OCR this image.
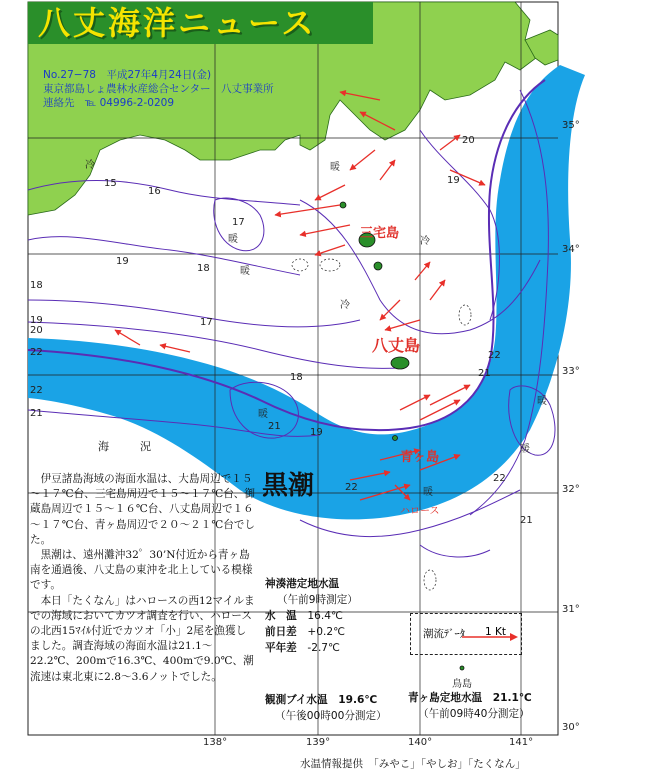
八丈海洋ニュース
No.27−78　平成27年4月24日(金)
東京都島しょ農林水産総合センター　八丈事業所
連絡先　℡ 04996-2-0209
三宅島
八丈島
青ヶ島
ハロース
鳥島
冷
冷
冷
暖
暖
暖
暖
暖
暖
暖
15
16
17
17
18
18
19
19
20
21
22
22
20
19
22
21
22
22
21
19
21
18
138°	139°	140°	141°
35°
34°
33°
32°
31°
30°
黒潮
海　況

伊豆諸島海域の海面水温は、大島周辺で１５～１７℃台、三宅島周辺で１５～１７℃台、御蔵島周辺で１５～１６℃台、八丈島周辺で１６～１７℃台、青ヶ島周辺で２０～２１℃台でした。

黒潮は、遠州灘沖32゜30’N付近から青ヶ島南を通過後、八丈島の東沖を北上している模様です。

本日「たくなん」はハロースの西12マイルまでの海域においてカツオ調査を行い、ハロースの北西15ﾏｲﾙ付近でカツオ「小」2尾を漁獲しました。調査海域の海面水温は21.1～22.2℃、200mで16.3℃、400mで9.0℃、潮流速は東北東に2.8～3.6ノットでした。

神湊港定地水温
（午前9時測定）
水　温　 16.4℃
前日差　 +0.2℃
平年差　 -2.7℃
観測ブイ水温　19.6℃
（午後00時00分測定）
青ヶ島定地水温　21.1℃
（午前09時40分測定）
潮流ﾃﾞｰﾀ 1 Kt
水温情報提供　「みやこ」「やしお」「たくなん」
